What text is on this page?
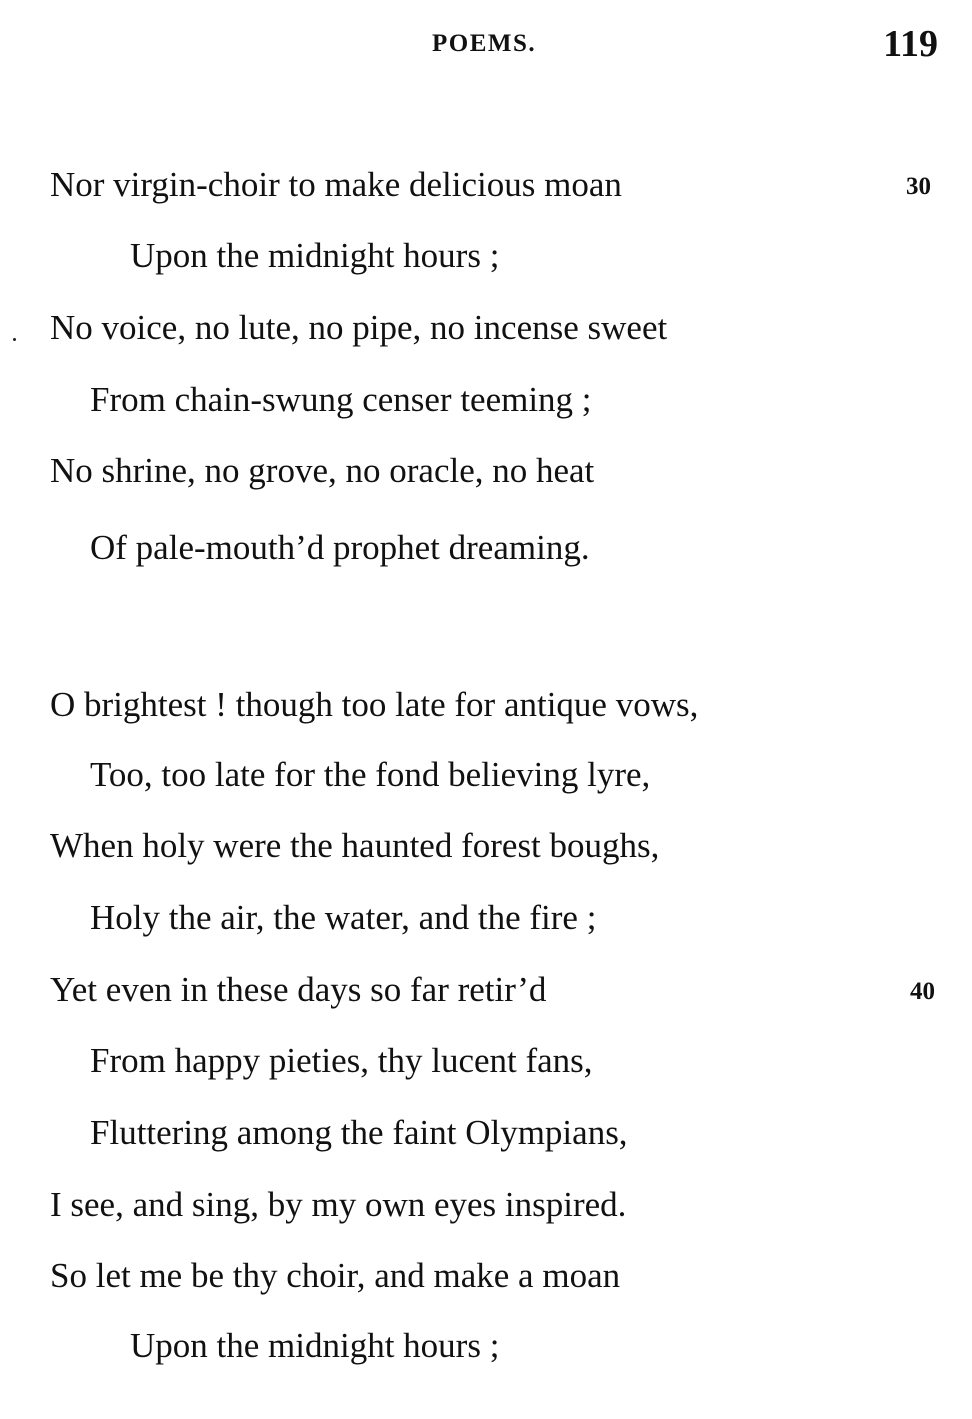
POEMS.	119
Nor virgin-choir to make delicious moan	30
Upon the midnight hours ;
No voice, no lute, no pipe, no incense sweet
From chain-swung censer teeming ;
No shrine, no grove, no oracle, no heat
Of pale-mouth’d prophet dreaming.
O brightest ! though too late for antique vows,
Too, too late for the fond believing lyre,
When holy were the haunted forest boughs,
Holy the air, the water, and the fire ;
Yet even in these days so far retir’d	40
From happy pieties, thy lucent fans,
Fluttering among the faint Olympians,
I see, and sing, by my own eyes inspired.
So let me be thy choir, and make a moan
Upon the midnight hours ;
